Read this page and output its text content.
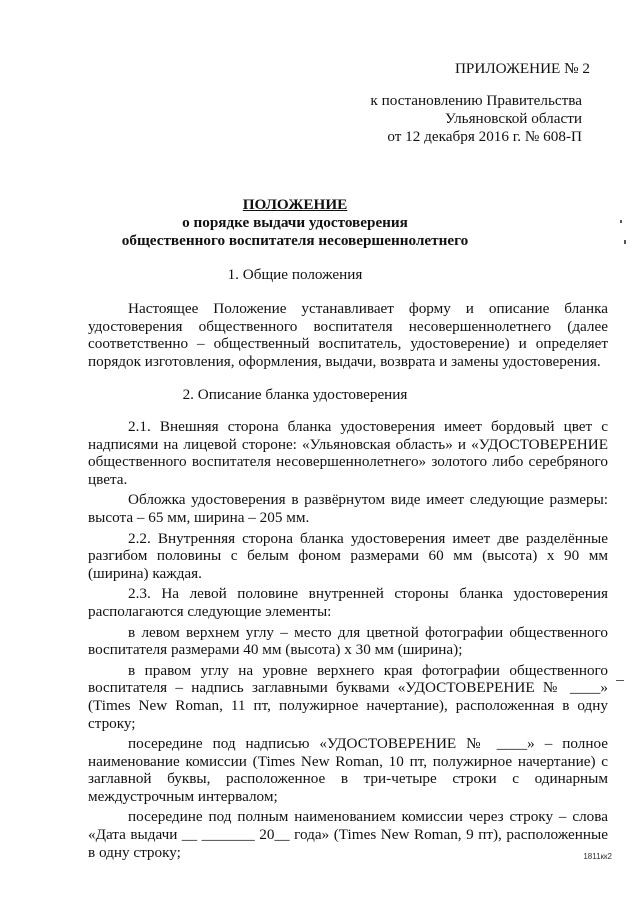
ПРИЛОЖЕНИЕ № 2
к постановлению Правительства
Ульяновской области
от 12 декабря 2016 г. № 608-П
ПОЛОЖЕНИЕ
о порядке выдачи удостоверения
общественного воспитателя несовершеннолетнего
1. Общие положения

Настоящее Положение устанавливает форму и описание бланка удостоверения общественного воспитателя несовершеннолетнего (далее соответственно – общественный воспитатель, удостоверение) и определяет порядок изготовления, оформления, выдачи, возврата и замены удостоверения.

2. Описание бланка удостоверения

2.1. Внешняя сторона бланка удостоверения имеет бордовый цвет с надписями на лицевой стороне: «Ульяновская область» и «УДОСТОВЕРЕНИЕ общественного воспитателя несовершеннолетнего» золотого либо серебряного цвета.

Обложка удостоверения в развёрнутом виде имеет следующие размеры: высота – 65 мм, ширина – 205 мм.

2.2. Внутренняя сторона бланка удостоверения имеет две разделённые разгибом половины с белым фоном размерами 60 мм (высота) х 90 мм (ширина) каждая.

2.3. На левой половине внутренней стороны бланка удостоверения располагаются следующие элементы:

в левом верхнем углу – место для цветной фотографии общественного воспитателя размерами 40 мм (высота) х 30 мм (ширина);

в правом углу на уровне верхнего края фотографии общественного воспитателя – надпись заглавными буквами «УДОСТОВЕРЕНИЕ № ____» (Times New Roman, 11 пт, полужирное начертание), расположенная в одну строку;

посередине под надписью «УДОСТОВЕРЕНИЕ № ____» – полное наименование комиссии (Times New Roman, 10 пт, полужирное начертание) с заглавной буквы, расположенное в три-четыре строки с одинарным междустрочным интервалом;

посередине под полным наименованием комиссии через строку – слова «Дата выдачи __ _______ 20__ года» (Times New Roman, 9 пт), расположенные в одну строку;	1811кк2
